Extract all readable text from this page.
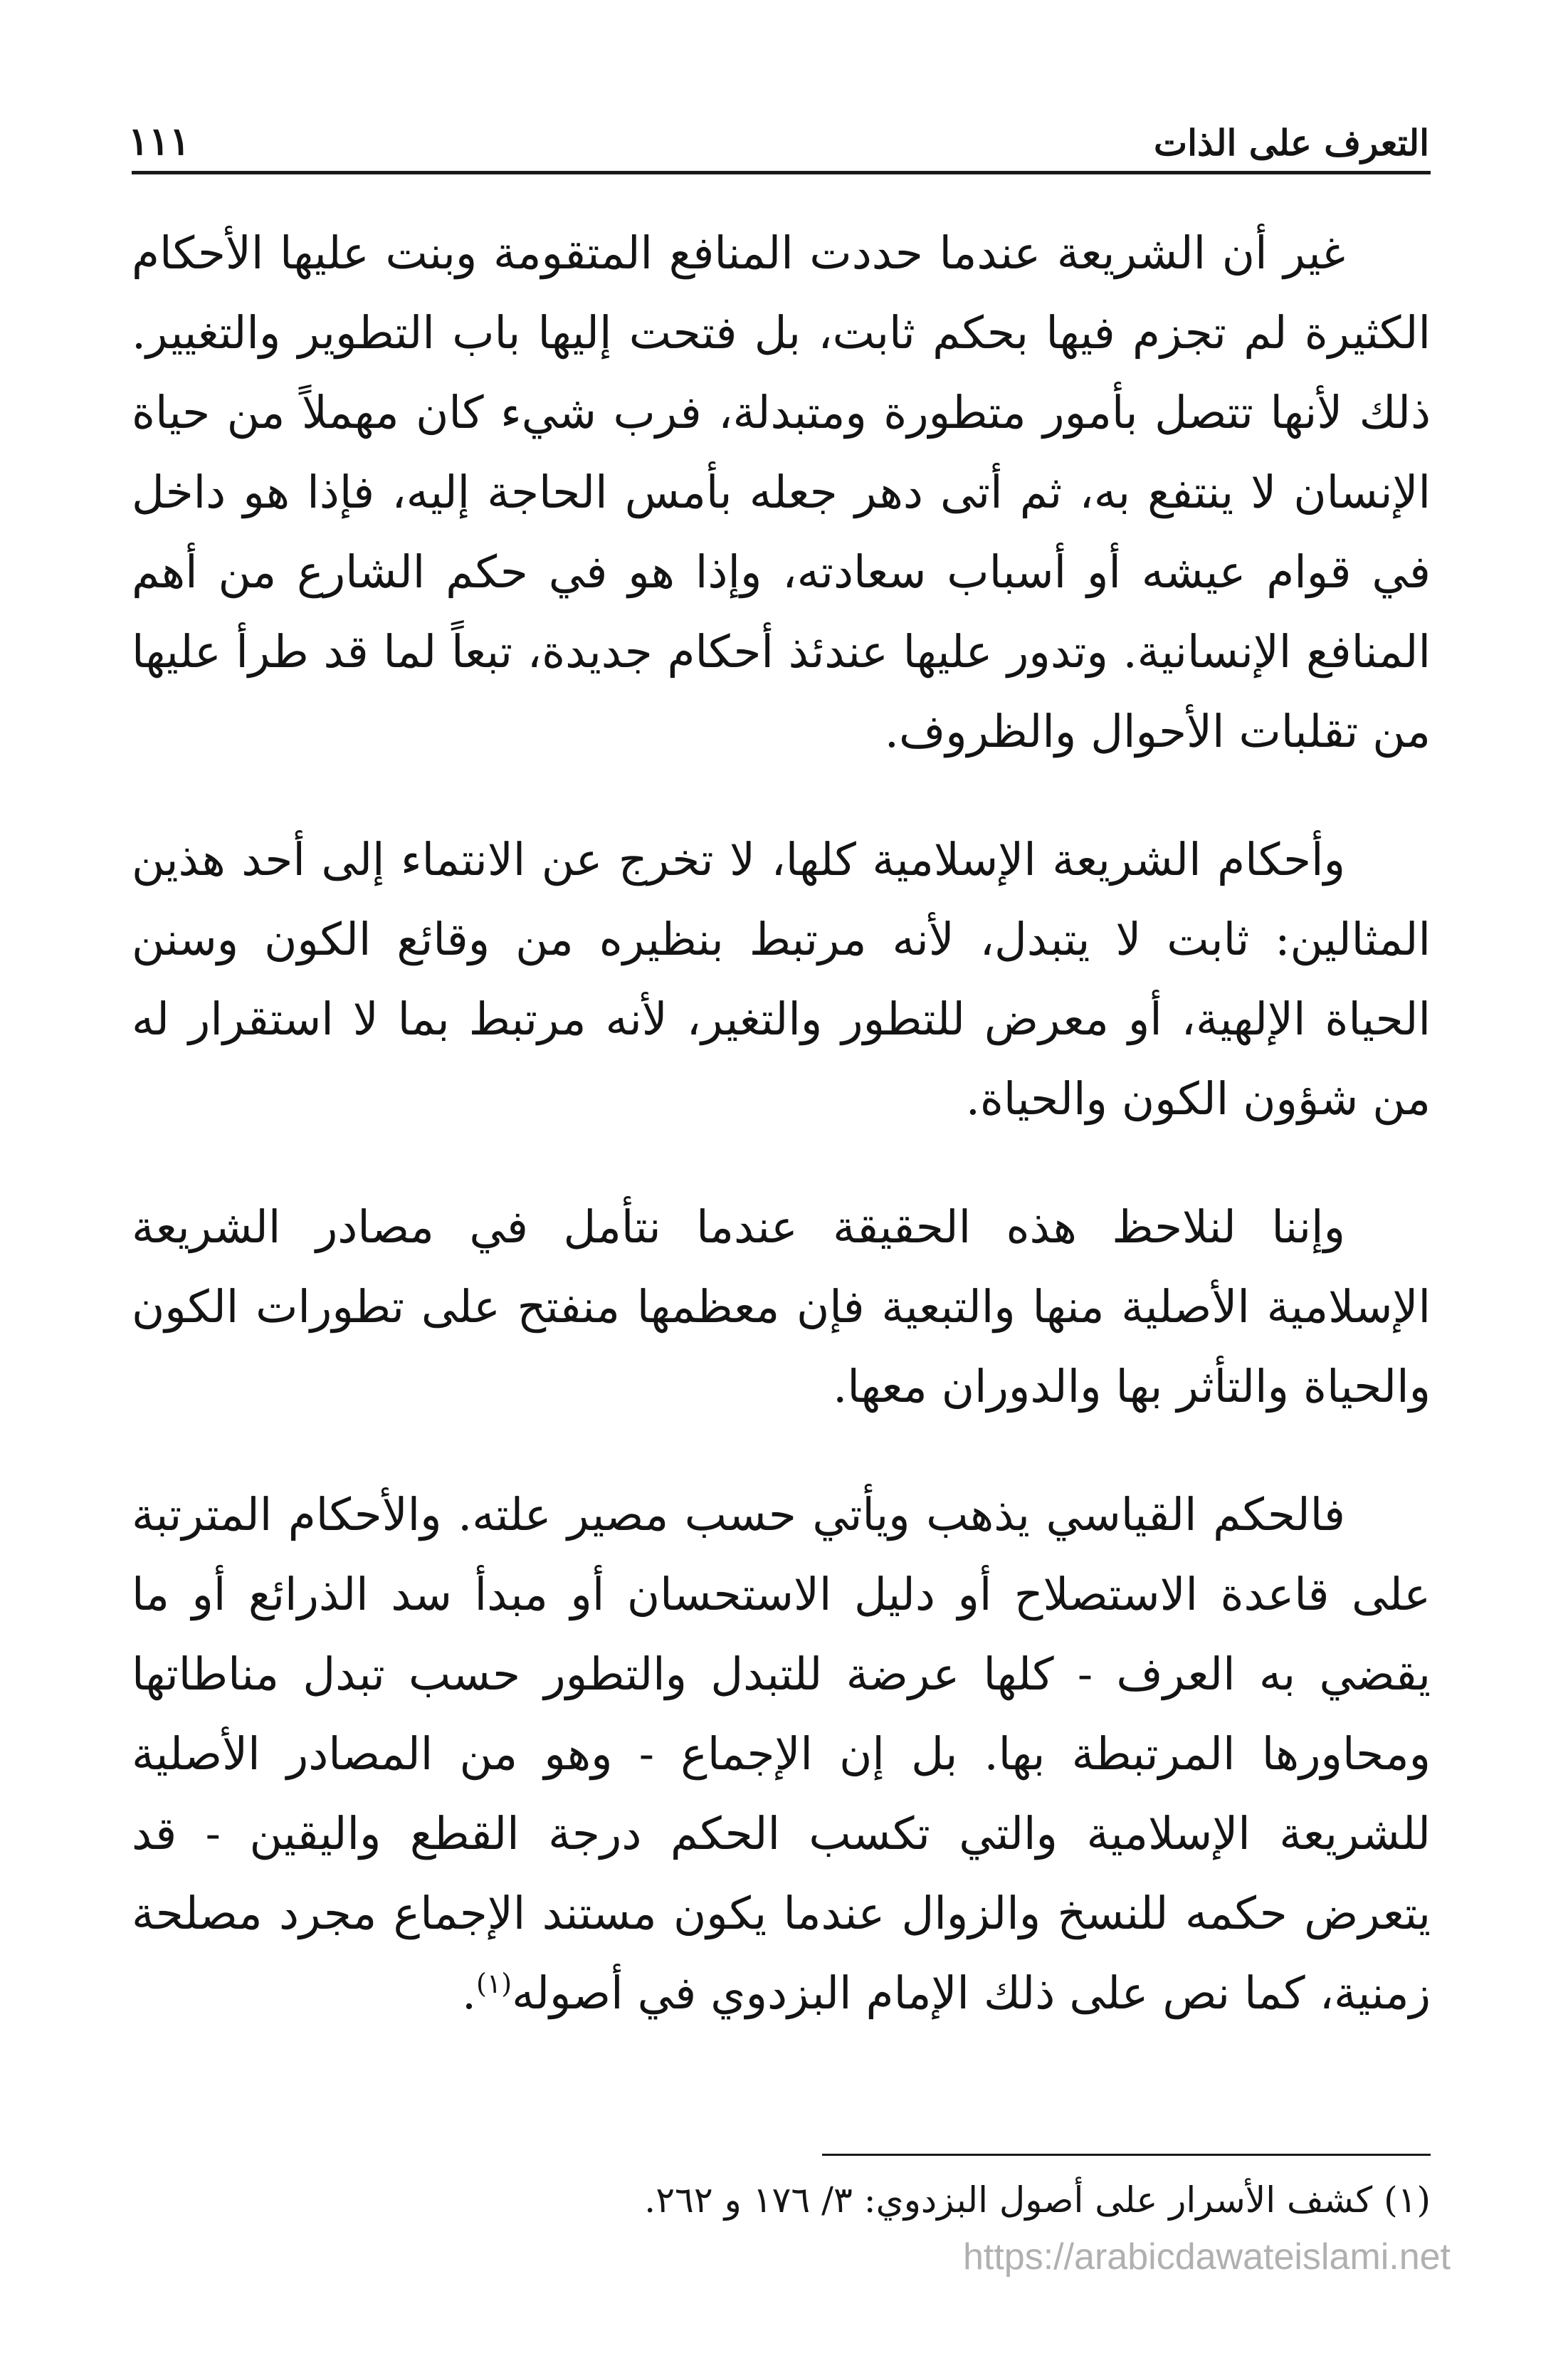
١١١	التعرف على الذات

غير أن الشريعة عندما حددت المنافع المتقومة وبنت عليها الأحكام الكثيرة لم تجزم فيها بحكم ثابت، بل فتحت إليها باب التطوير والتغيير. ذلك لأنها تتصل بأمور متطورة ومتبدلة، فرب شيء كان مهملاً من حياة الإنسان لا ينتفع به، ثم أتى دهر جعله بأمس الحاجة إليه، فإذا هو داخل في قوام عيشه أو أسباب سعادته، وإذا هو في حكم الشارع من أهم المنافع الإنسانية. وتدور عليها عندئذ أحكام جديدة، تبعاً لما قد طرأ عليها من تقلبات الأحوال والظروف.

وأحكام الشريعة الإسلامية كلها، لا تخرج عن الانتماء إلى أحد هذين المثالين: ثابت لا يتبدل، لأنه مرتبط بنظيره من وقائع الكون وسنن الحياة الإلهية، أو معرض للتطور والتغير، لأنه مرتبط بما لا استقرار له من شؤون الكون والحياة.

وإننا لنلاحظ هذه الحقيقة عندما نتأمل في مصادر الشريعة الإسلامية الأصلية منها والتبعية فإن معظمها منفتح على تطورات الكون والحياة والتأثر بها والدوران معها.

فالحكم القياسي يذهب ويأتي حسب مصير علته. والأحكام المترتبة على قاعدة الاستصلاح أو دليل الاستحسان أو مبدأ سد الذرائع أو ما يقضي به العرف - كلها عرضة للتبدل والتطور حسب تبدل مناطاتها ومحاورها المرتبطة بها. بل إن الإجماع - وهو من المصادر الأصلية للشريعة الإسلامية والتي تكسب الحكم درجة القطع واليقين - قد يتعرض حكمه للنسخ والزوال عندما يكون مستند الإجماع مجرد مصلحة زمنية، كما نص على ذلك الإمام البزدوي في أصوله$^{(١)}$.

(١) كشف الأسرار على أصول البزدوي: ٣/ ١٧٦ و ٢٦٢.
https://arabicdawateislami.net
